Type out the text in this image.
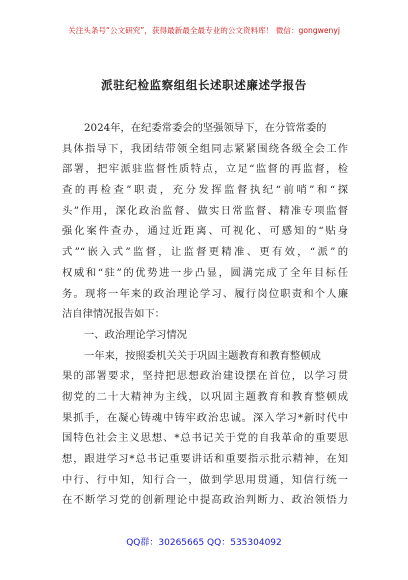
关注头条号“公文研究”，获得最新最全最专业的公文资料库！ 微信：gongwenyj
派驻纪检监察组组长述职述廉述学报告
2024年，在纪委常委会的坚强领导下，在分管常委的
具体指导下，我团结带领全组同志紧紧围绕各级全会工作
部署，把牢派驻监督性质特点，立足“监督的再监督，检
查的再检查”职责，充分发挥监督执纪“前哨”和“探
头”作用，深化政治监督、做实日常监督、精准专项监督
强化案件查办，通过近距离、可视化、可感知的“贴身
式”“嵌入式”监督，让监督更精准、更有效，“派”的
权威和“驻”的优势进一步凸显，圆满完成了全年目标任
务。现将一年来的政治理论学习、履行岗位职责和个人廉
洁自律情况报告如下：
一、政治理论学习情况
一年来，按照委机关关于巩固主题教育和教育整顿成
果的部署要求，坚持把思想政治建设摆在首位，以学习贯
彻党的二十大精神为主线，以巩固主题教育和教育整顿成
果抓手，在凝心铸魂中铸牢政治忠诚。深入学习*新时代中
国特色社会主义思想、*总书记关于党的自我革命的重要思
想，跟进学习*总书记重要讲话和重要指示批示精神，在知
中行、行中知，知行合一，做到学思用贯通，知信行统一
在不断学习党的创新理论中提高政治判断力、政治领悟力
QQ群：30265665 QQ：535304092
